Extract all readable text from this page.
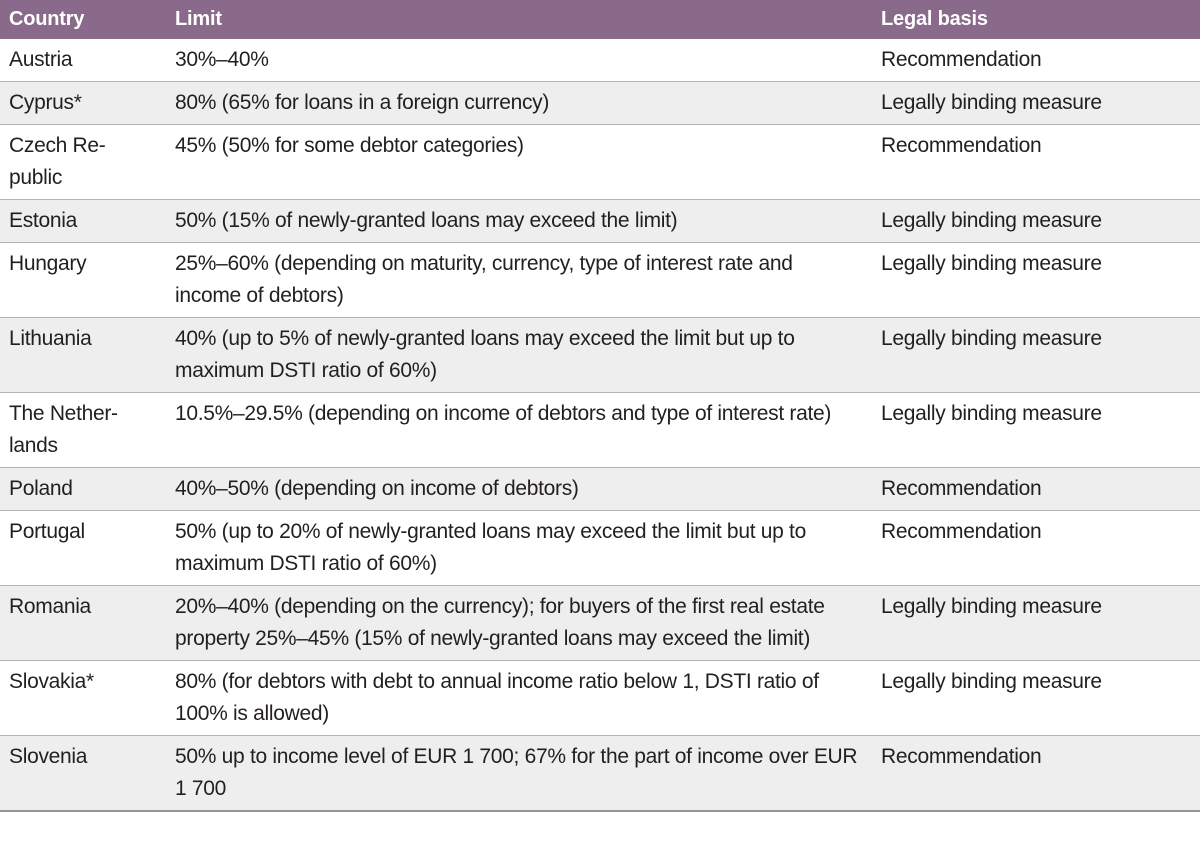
Country	Limit	Legal basis
Austria	30%–40%	Recommendation
Cyprus*	80% (65% for loans in a foreign currency)	Legally binding measure
Czech Re-public	45% (50% for some debtor categories)	Recommendation
Estonia	50% (15% of newly-granted loans may exceed the limit)	Legally binding measure
Hungary	25%–60% (depending on maturity, currency, type of interest rate and income of debtors)	Legally binding measure
Lithuania	40% (up to 5% of newly-granted loans may exceed the limit but up to maximum DSTI ratio of 60%)	Legally binding measure
The Nether-lands	10.5%–29.5% (depending on income of debtors and type of interest rate)	Legally binding measure
Poland	40%–50% (depending on income of debtors)	Recommendation
Portugal	50% (up to 20% of newly-granted loans may exceed the limit but up to maximum DSTI ratio of 60%)	Recommendation
Romania	20%–40% (depending on the currency); for buyers of the first real estate property 25%–45% (15% of newly-granted loans may exceed the limit)	Legally binding measure
Slovakia*	80% (for debtors with debt to annual income ratio below 1, DSTI ratio of 100% is allowed)	Legally binding measure
Slovenia	50% up to income level of EUR 1 700; 67% for the part of income over EUR 1 700	Recommendation
